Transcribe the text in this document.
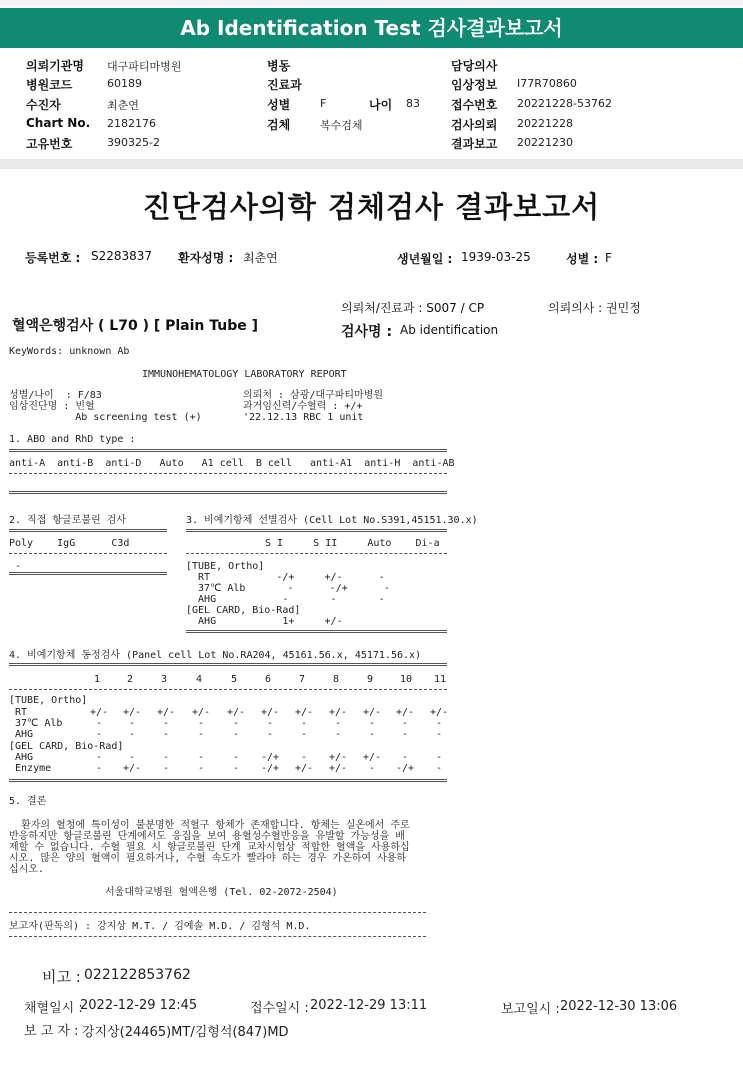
Ab Identification Test 검사결과보고서
의뢰기관명 대구파티마병원	병동	담당의사
병원코드	60189	진료과	임상정보 I77R70860
수진자	최춘연	성별	F	나이 83	접수번호 20221228-53762
Chart No. 2182176	검체	복수검체	검사의뢰 20221228
고유번호	390325-2	결과보고 20221230
진단검사의학 검체검사 결과보고서
등록번호 : S2283837 환자성명 : 최춘연	생년월일 : 1939-03-25	성별 : F
의뢰처/진료과 : S007 / CP	의뢰의사 : 권민정
혈액은행검사 ( L70 ) [ Plain Tube ]	검사명 : Ab identification
KeyWords: unknown Ab
IMMUNOHEMATOLOGY LABORATORY REPORT
성별/나이  : F/83
임상진단명 : 빈혈
Ab screening test (+)
의뢰처 : 삼광/대구파티마병원
과거임신력/수혈력 : +/+
'22.12.13 RBC 1 unit
1. ABO and RhD type :
anti-A  anti-B  anti-D   Auto   A1 cell  B cell   anti-A1  anti-H  anti-AB
2. 직접 항글로불린 검사
Poly    IgG      C3d
-
3. 비예기항체 선별검사 (Cell Lot No.S391,45151.30.x)
S I     S II     Auto    Di-a
[TUBE, Ortho]
RT           -/+     +/-      -
37℃ Alb       -      -/+      -
AHG           -       -       -
[GEL CARD, Bio-Rad]
AHG           1+     +/-
4. 비예기항체 동정검사 (Panel cell Lot No.RA204, 45161.56.x, 45171.56.x)
1	2	3	4	5	6	7	8	9	10 11
[TUBE, Ortho]
RT	+/- +/- +/- +/- +/- +/- +/- +/- +/- +/- +/-
37℃ Alb	-	-	-	-	-	-	-	-	-	-	-
AHG	-	-	-	-	-	-	-	-	-	-	-
[GEL CARD, Bio-Rad]
AHG	-	-	-	-	-	-/+	-	+/- +/-	-	-
Enzyme	-	+/-	-	-	-	-/+ +/- +/-	-	-/+	-
5. 결론
환자의 혈청에 특이성이 불분명한 적혈구 항체가 존재합니다. 항체는 실온에서 주로
반응하지만 항글로불린 단계에서도 응집을 보여 용혈성수혈반응을 유발할 가능성을 배
제할 수 없습니다. 수혈 필요 시 항글로불린 단계 교차시험상 적합한 혈액을 사용하십
시오. 많은 양의 혈액이 필요하거나, 수혈 속도가 빨라야 하는 경우 가온하여 사용하
십시오.
서울대학교병원 혈액은행 (Tel. 02-2072-2504)
보고자(판독의) : 강지상 M.T. / 김예솔 M.D. / 김형석 M.D.
비고 : 022122853762
채혈일시 :
2022-12-29 12:45	접수일시 : 2022-12-29 13:11	보고일시 : 2022-12-30 13:06
보 고 자 : 강지상(24465)MT/김형석(847)MD
